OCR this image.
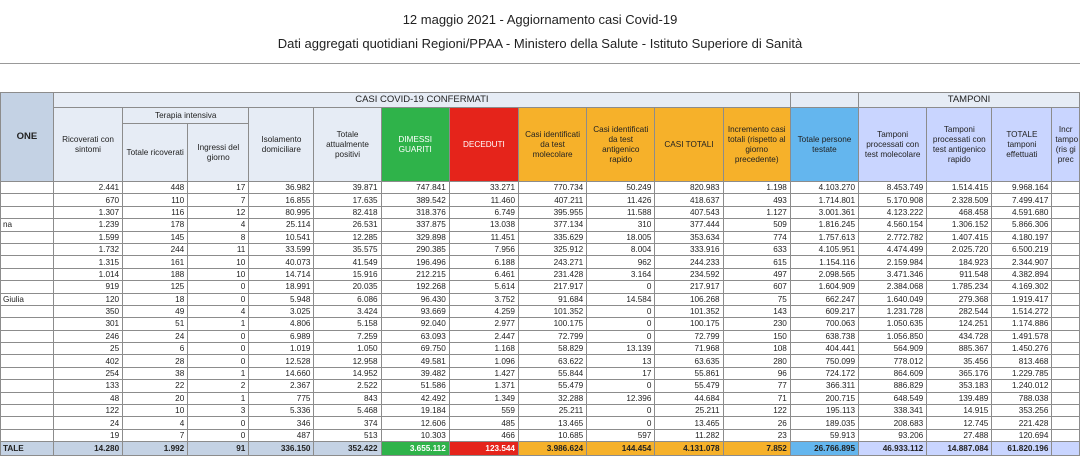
12 maggio 2021 - Aggiornamento casi Covid-19
Dati aggregati quotidiani Regioni/PPAA - Ministero della Salute - Istituto Superiore di Sanità
ONE	CASI COVID-19 CONFERMATI												TAMPONI			
	Ricoverati con sintomi	Terapia intensiva		Isolamento domiciliare	Totale attualmente positivi	DIMESSI GUARITI	DECEDUTI	Casi identificati da test molecolare	Casi identificati da test antigenico rapido	CASI TOTALI	Incremento casi totali (rispetto al giorno precedente)	Totale persone testate	Tamponi processati con test molecolare	Tamponi processati con test antigenico rapido	TOTALE tamponi effettuati	Incr tampo (ris gi prec
		Totale ricoverati	Ingressi del giorno													
	2.441	448	17	36.982	39.871	747.841	33.271	770.734	50.249	820.983	1.198	4.103.270	8.453.749	1.514.415	9.968.164	
	670	110	7	16.855	17.635	389.542	11.460	407.211	11.426	418.637	493	1.714.801	5.170.908	2.328.509	7.499.417	
	1.307	116	12	80.995	82.418	318.376	6.749	395.955	11.588	407.543	1.127	3.001.361	4.123.222	468.458	4.591.680	
na	1.239	178	4	25.114	26.531	337.875	13.038	377.134	310	377.444	509	1.816.245	4.560.154	1.306.152	5.866.306	
	1.599	145	8	10.541	12.285	329.898	11.451	335.629	18.005	353.634	774	1.757.613	2.772.782	1.407.415	4.180.197	
	1.732	244	11	33.599	35.575	290.385	7.956	325.912	8.004	333.916	633	4.105.951	4.474.499	2.025.720	6.500.219	
	1.315	161	10	40.073	41.549	196.496	6.188	243.271	962	244.233	615	1.154.116	2.159.984	184.923	2.344.907	
	1.014	188	10	14.714	15.916	212.215	6.461	231.428	3.164	234.592	497	2.098.565	3.471.346	911.548	4.382.894	
	919	125	0	18.991	20.035	192.268	5.614	217.917	0	217.917	607	1.604.909	2.384.068	1.785.234	4.169.302	
Giulia	120	18	0	5.948	6.086	96.430	3.752	91.684	14.584	106.268	75	662.247	1.640.049	279.368	1.919.417	
	350	49	4	3.025	3.424	93.669	4.259	101.352	0	101.352	143	609.217	1.231.728	282.544	1.514.272	
	301	51	1	4.806	5.158	92.040	2.977	100.175	0	100.175	230	700.063	1.050.635	124.251	1.174.886	
	246	24	0	6.989	7.259	63.093	2.447	72.799	0	72.799	150	638.738	1.056.850	434.728	1.491.578	
	25	6	0	1.019	1.050	69.750	1.168	58.829	13.139	71.968	108	404.441	564.909	885.367	1.450.276	
	402	28	0	12.528	12.958	49.581	1.096	63.622	13	63.635	280	750.099	778.012	35.456	813.468	
	254	38	1	14.660	14.952	39.482	1.427	55.844	17	55.861	96	724.172	864.609	365.176	1.229.785	
	133	22	2	2.367	2.522	51.586	1.371	55.479	0	55.479	77	366.311	886.829	353.183	1.240.012	
	48	20	1	775	843	42.492	1.349	32.288	12.396	44.684	71	200.715	648.549	139.489	788.038	
	122	10	3	5.336	5.468	19.184	559	25.211	0	25.211	122	195.113	338.341	14.915	353.256	
	24	4	0	346	374	12.606	485	13.465	0	13.465	26	189.035	208.683	12.745	221.428	
	19	7	0	487	513	10.303	466	10.685	597	11.282	23	59.913	93.206	27.488	120.694	
TALE	14.280	1.992	91	336.150	352.422	3.655.112	123.544	3.986.624	144.454	4.131.078	7.852	26.766.895	46.933.112	14.887.084	61.820.196	
